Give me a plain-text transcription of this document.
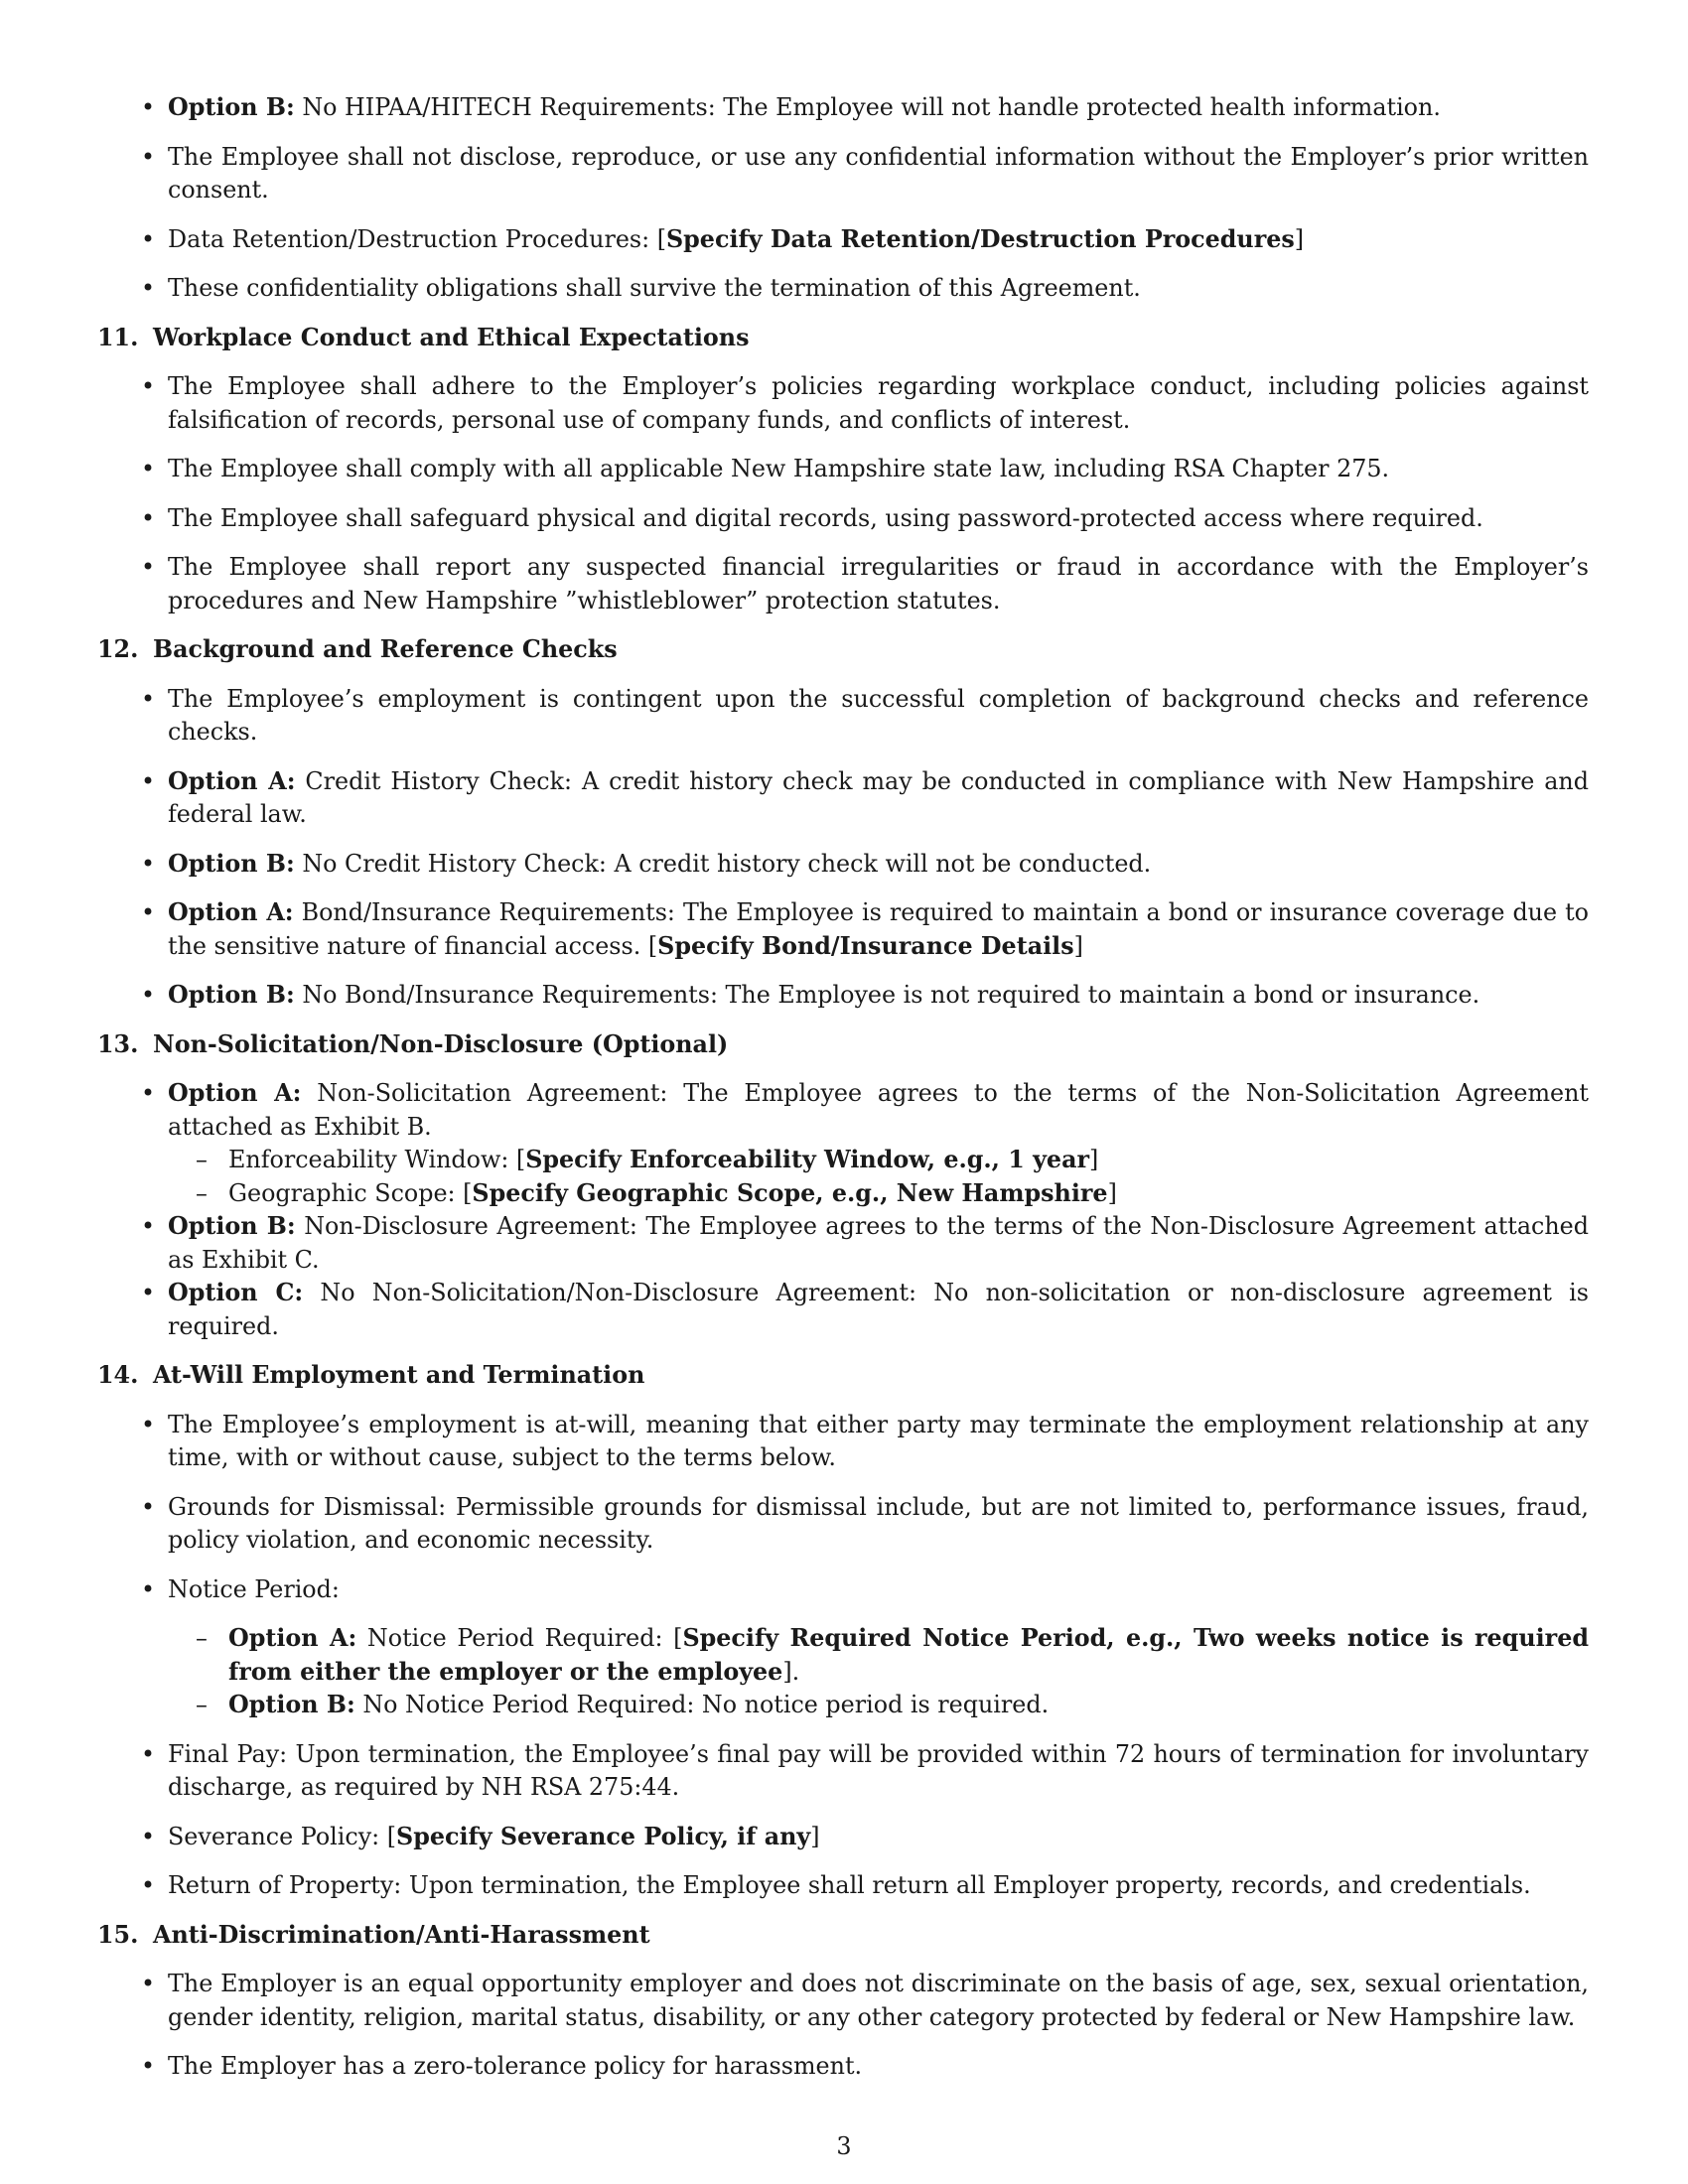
• Option B: No HIPAA/HITECH Requirements: The Employee will not handle protected health information.
• The Employee shall not disclose, reproduce, or use any confidential information without the Employer’s prior written consent.
• Data Retention/Destruction Procedures: [Specify Data Retention/Destruction Procedures]
• These confidentiality obligations shall survive the termination of this Agreement.
11. Workplace Conduct and Ethical Expectations
• The Employee shall adhere to the Employer’s policies regarding workplace conduct, including policies against falsification of records, personal use of company funds, and conflicts of interest.
• The Employee shall comply with all applicable New Hampshire state law, including RSA Chapter 275.
• The Employee shall safeguard physical and digital records, using password-protected access where required.
• The Employee shall report any suspected financial irregularities or fraud in accordance with the Employer’s procedures and New Hampshire ”whistleblower” protection statutes.
12. Background and Reference Checks
• The Employee’s employment is contingent upon the successful completion of background checks and reference checks.
• Option A: Credit History Check: A credit history check may be conducted in compliance with New Hampshire and federal law.
• Option B: No Credit History Check: A credit history check will not be conducted.
• Option A: Bond/Insurance Requirements: The Employee is required to maintain a bond or insurance coverage due to the sensitive nature of financial access. [Specify Bond/Insurance Details]
• Option B: No Bond/Insurance Requirements: The Employee is not required to maintain a bond or insurance.
13. Non-Solicitation/Non-Disclosure (Optional)
• Option A: Non-Solicitation Agreement: The Employee agrees to the terms of the Non-Solicitation Agreement attached as Exhibit B.
– Enforceability Window: [Specify Enforceability Window, e.g., 1 year]
– Geographic Scope: [Specify Geographic Scope, e.g., New Hampshire]
• Option B: Non-Disclosure Agreement: The Employee agrees to the terms of the Non-Disclosure Agreement attached as Exhibit C.
• Option C: No Non-Solicitation/Non-Disclosure Agreement: No non-solicitation or non-disclosure agreement is required.
14. At-Will Employment and Termination
• The Employee’s employment is at-will, meaning that either party may terminate the employment relationship at any time, with or without cause, subject to the terms below.
• Grounds for Dismissal: Permissible grounds for dismissal include, but are not limited to, performance issues, fraud, policy violation, and economic necessity.
• Notice Period:
– Option A: Notice Period Required: [Specify Required Notice Period, e.g., Two weeks notice is required from either the employer or the employee].
– Option B: No Notice Period Required: No notice period is required.
• Final Pay: Upon termination, the Employee’s final pay will be provided within 72 hours of termination for involuntary discharge, as required by NH RSA 275:44.
• Severance Policy: [Specify Severance Policy, if any]
• Return of Property: Upon termination, the Employee shall return all Employer property, records, and credentials.
15. Anti-Discrimination/Anti-Harassment
• The Employer is an equal opportunity employer and does not discriminate on the basis of age, sex, sexual orientation, gender identity, religion, marital status, disability, or any other category protected by federal or New Hampshire law.
• The Employer has a zero-tolerance policy for harassment.
3
